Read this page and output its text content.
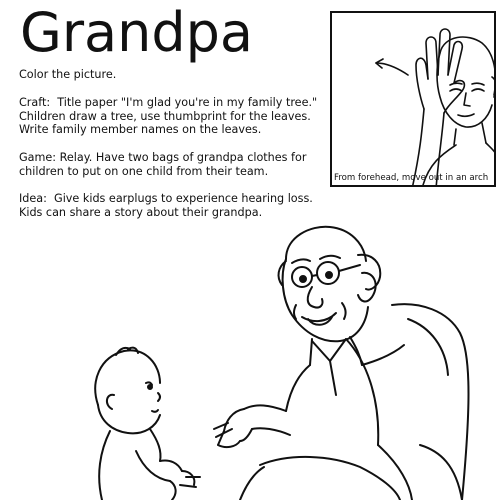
Grandpa

Color the picture.

Craft:  Title paper "I'm glad you're in my family tree."

Children draw a tree, use thumbprint for the leaves.

Write family member names on the leaves.

Game: Relay. Have two bags of grandpa clothes for

children to put on one child from their team.

Idea:  Give kids earplugs to experience hearing loss.

Kids can share a story about their grandpa.

From forehead, move out in an arch
